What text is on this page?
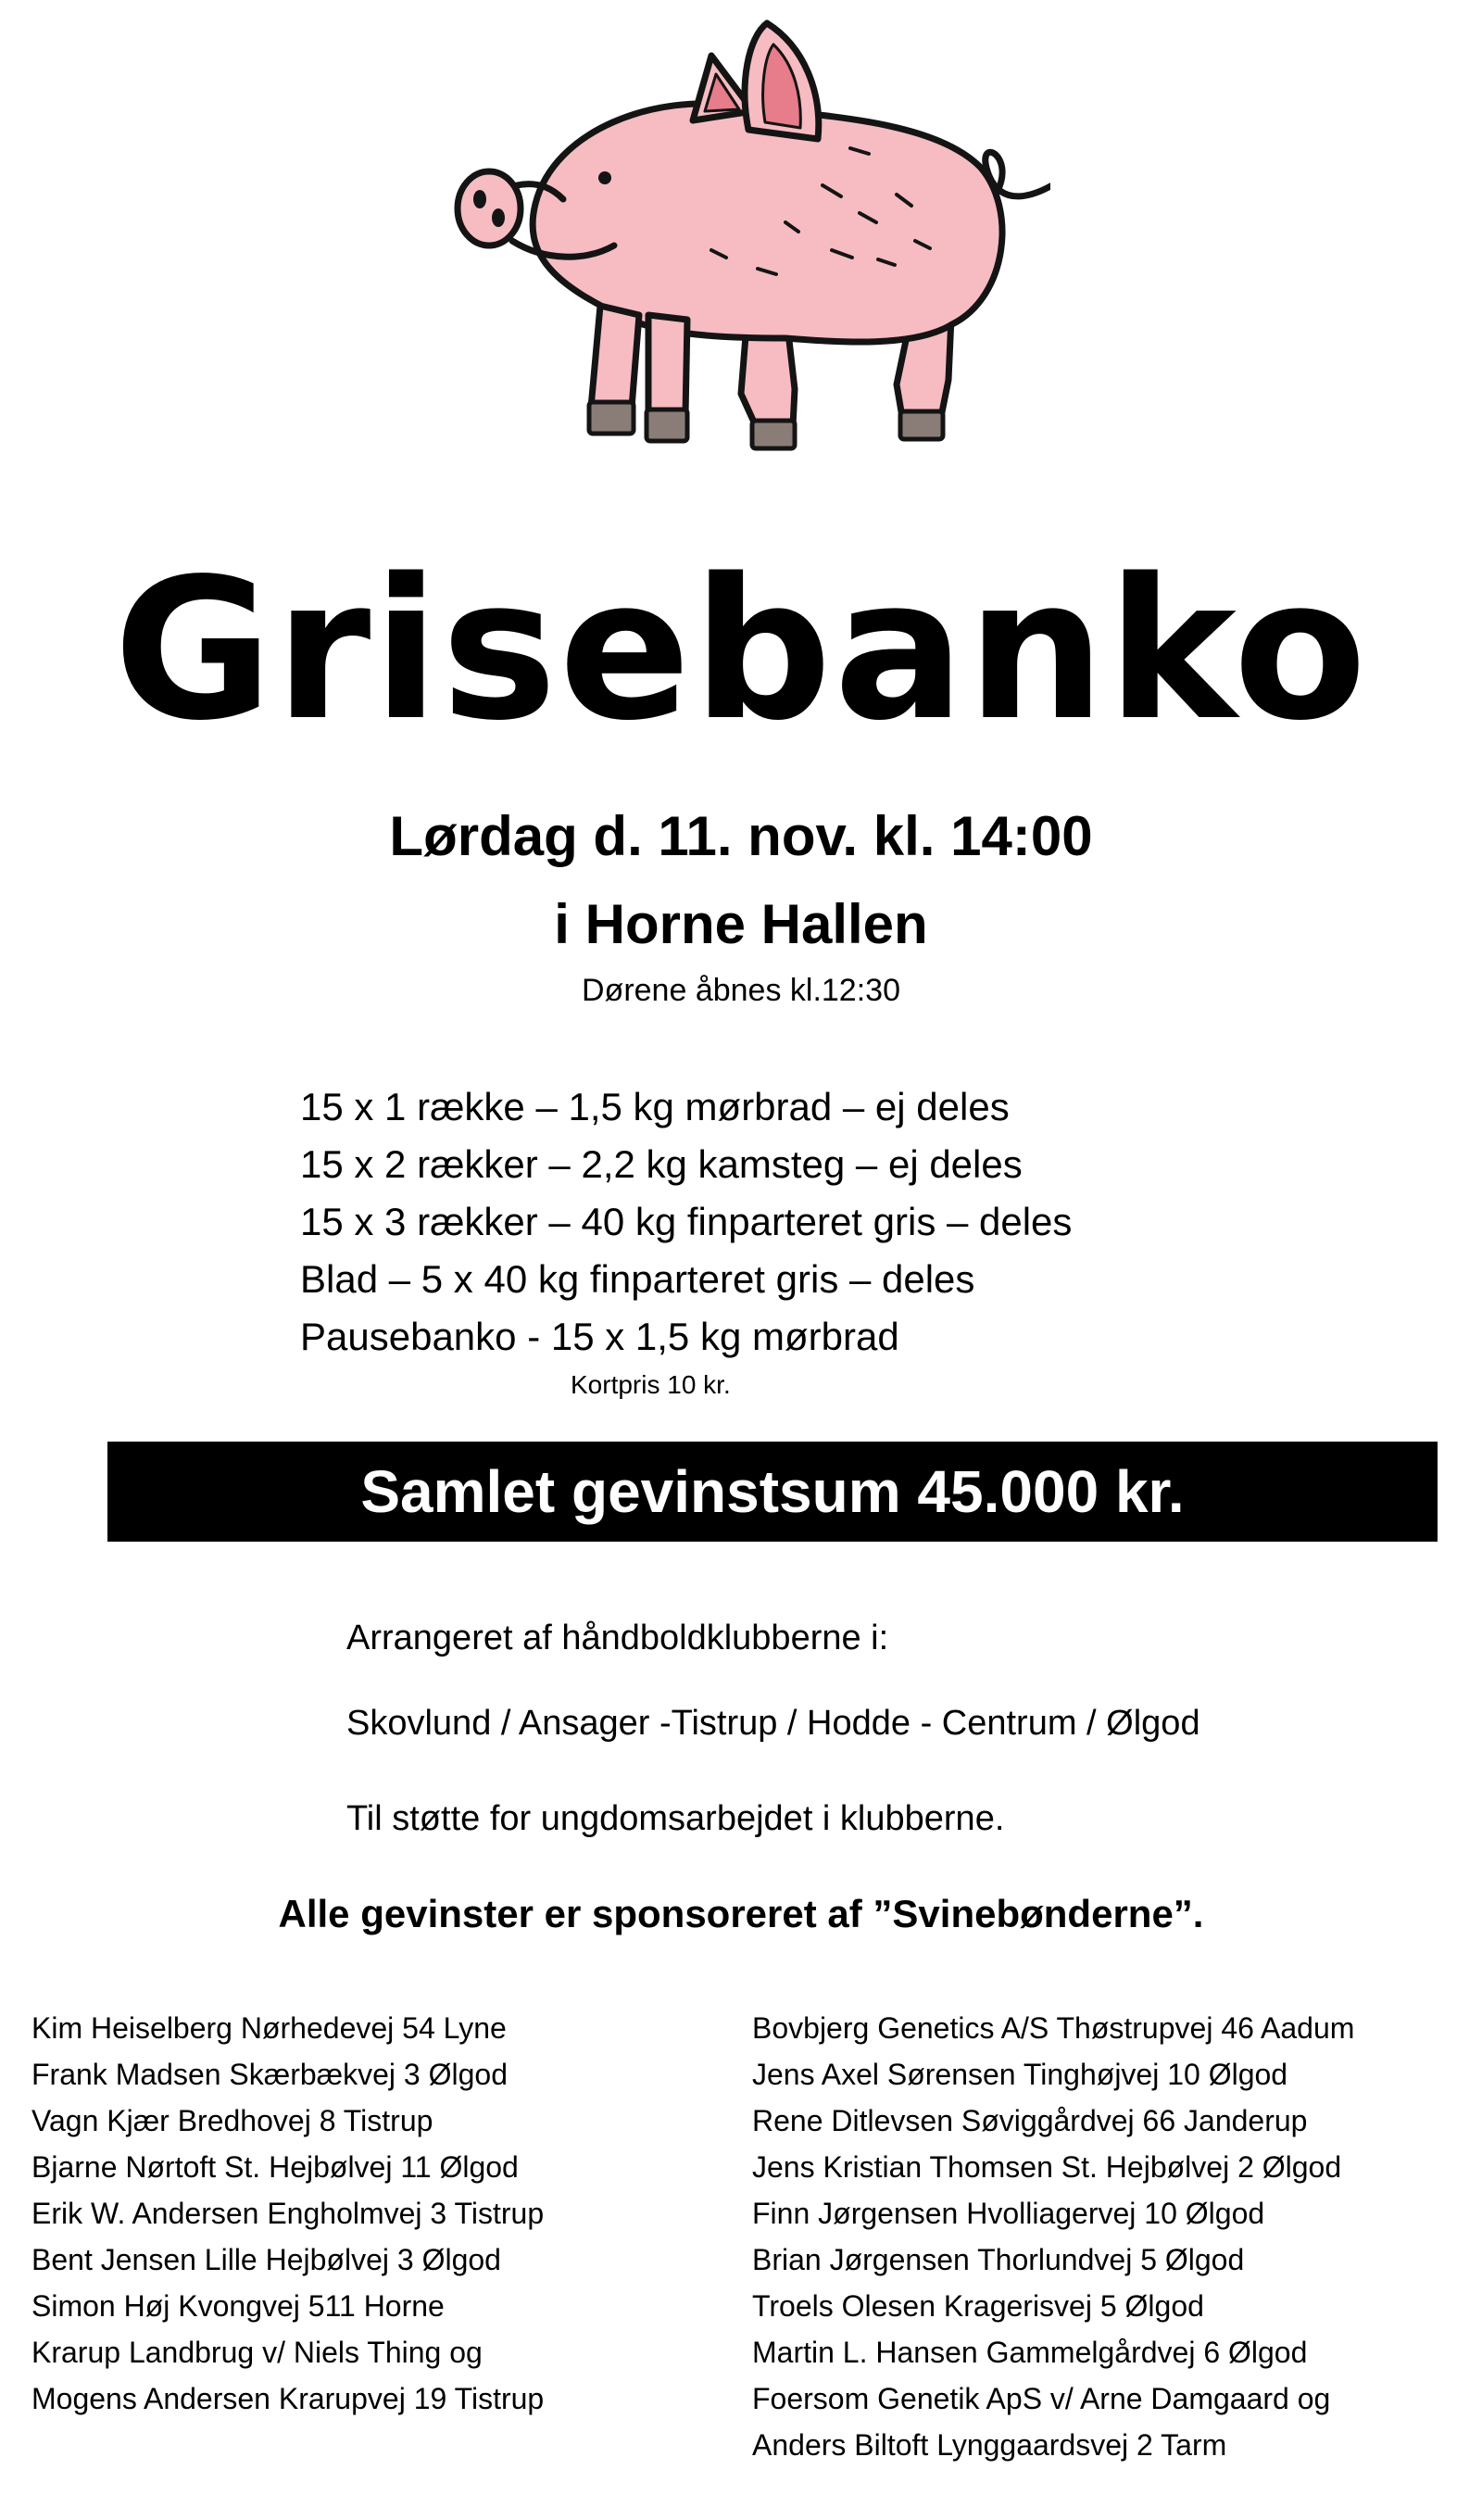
Grisebanko

Lørdag d. 11. nov. kl. 14:00

i Horne Hallen

Dørene åbnes kl.12:30

15 x 1 række – 1,5 kg mørbrad – ej deles
15 x 2 rækker – 2,2 kg kamsteg – ej deles
15 x 3 rækker – 40 kg finparteret gris – deles
Blad – 5 x 40 kg finparteret gris – deles
Pausebanko - 15 x 1,5 kg mørbrad

Kortpris 10 kr.

Samlet gevinstsum 45.000 kr.

Arrangeret af håndboldklubberne i:

Skovlund / Ansager -Tistrup / Hodde - Centrum / Ølgod

Til støtte for ungdomsarbejdet i klubberne.

Alle gevinster er sponsoreret af ”Svinebønderne”.

Kim Heiselberg Nørhedevej 54 Lyne
Frank Madsen Skærbækvej 3 Ølgod
Vagn Kjær Bredhovej 8 Tistrup
Bjarne Nørtoft St. Hejbølvej 11 Ølgod
Erik W. Andersen Engholmvej 3 Tistrup
Bent Jensen Lille Hejbølvej 3 Ølgod
Simon Høj Kvongvej 511 Horne
Krarup Landbrug v/ Niels Thing og
Mogens Andersen Krarupvej 19 Tistrup
Bovbjerg Genetics A/S Thøstrupvej 46 Aadum
Jens Axel Sørensen Tinghøjvej 10 Ølgod
Rene Ditlevsen Søviggårdvej 66 Janderup
Jens Kristian Thomsen St. Hejbølvej 2 Ølgod
Finn Jørgensen Hvolliagervej 10 Ølgod
Brian Jørgensen Thorlundvej 5 Ølgod
Troels Olesen Kragerisvej 5 Ølgod
Martin L. Hansen Gammelgårdvej 6 Ølgod
Foersom Genetik ApS v/ Arne Damgaard og
Anders Biltoft Lynggaardsvej 2 Tarm
